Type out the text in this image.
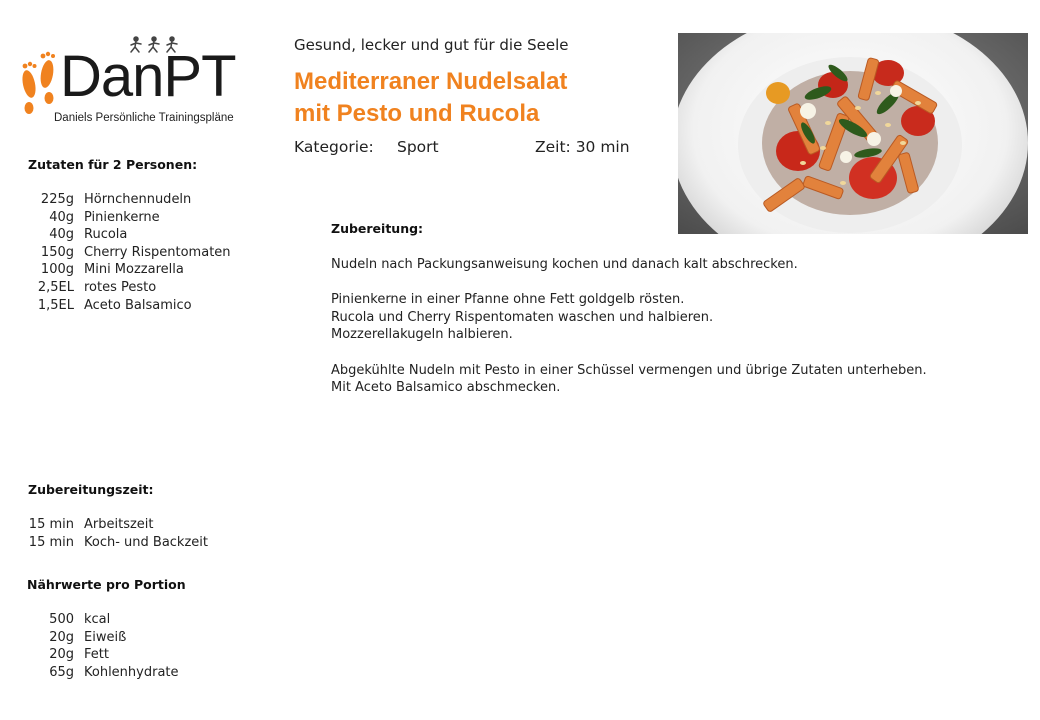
DanPT
Daniels Persönliche Trainingspläne
Gesund, lecker und gut für die Seele
Mediterraner Nudelsalat
mit Pesto und Rucola
Kategorie: Sport	Zeit: 30 min
Zutaten für 2 Personen:
225g Hörnchennudeln
40g Pinienkerne
40g Rucola
150g Cherry Rispentomaten
100g Mini Mozzarella
2,5EL rotes Pesto
1,5EL Aceto Balsamico
Zubereitungszeit:
15 min Arbeitszeit
15 min Koch- und Backzeit
Nährwerte pro Portion
500 kcal
20g Eiweiß
20g Fett
65g Kohlenhydrate
Zubereitung:

Nudeln nach Packungsanweisung kochen und danach kalt abschrecken.

Pinienkerne in einer Pfanne ohne Fett goldgelb rösten.
Rucola und Cherry Rispentomaten waschen und halbieren.
Mozzerellakugeln halbieren.

Abgekühlte Nudeln mit Pesto in einer Schüssel vermengen und übrige Zutaten unterheben.
Mit Aceto Balsamico abschmecken.
